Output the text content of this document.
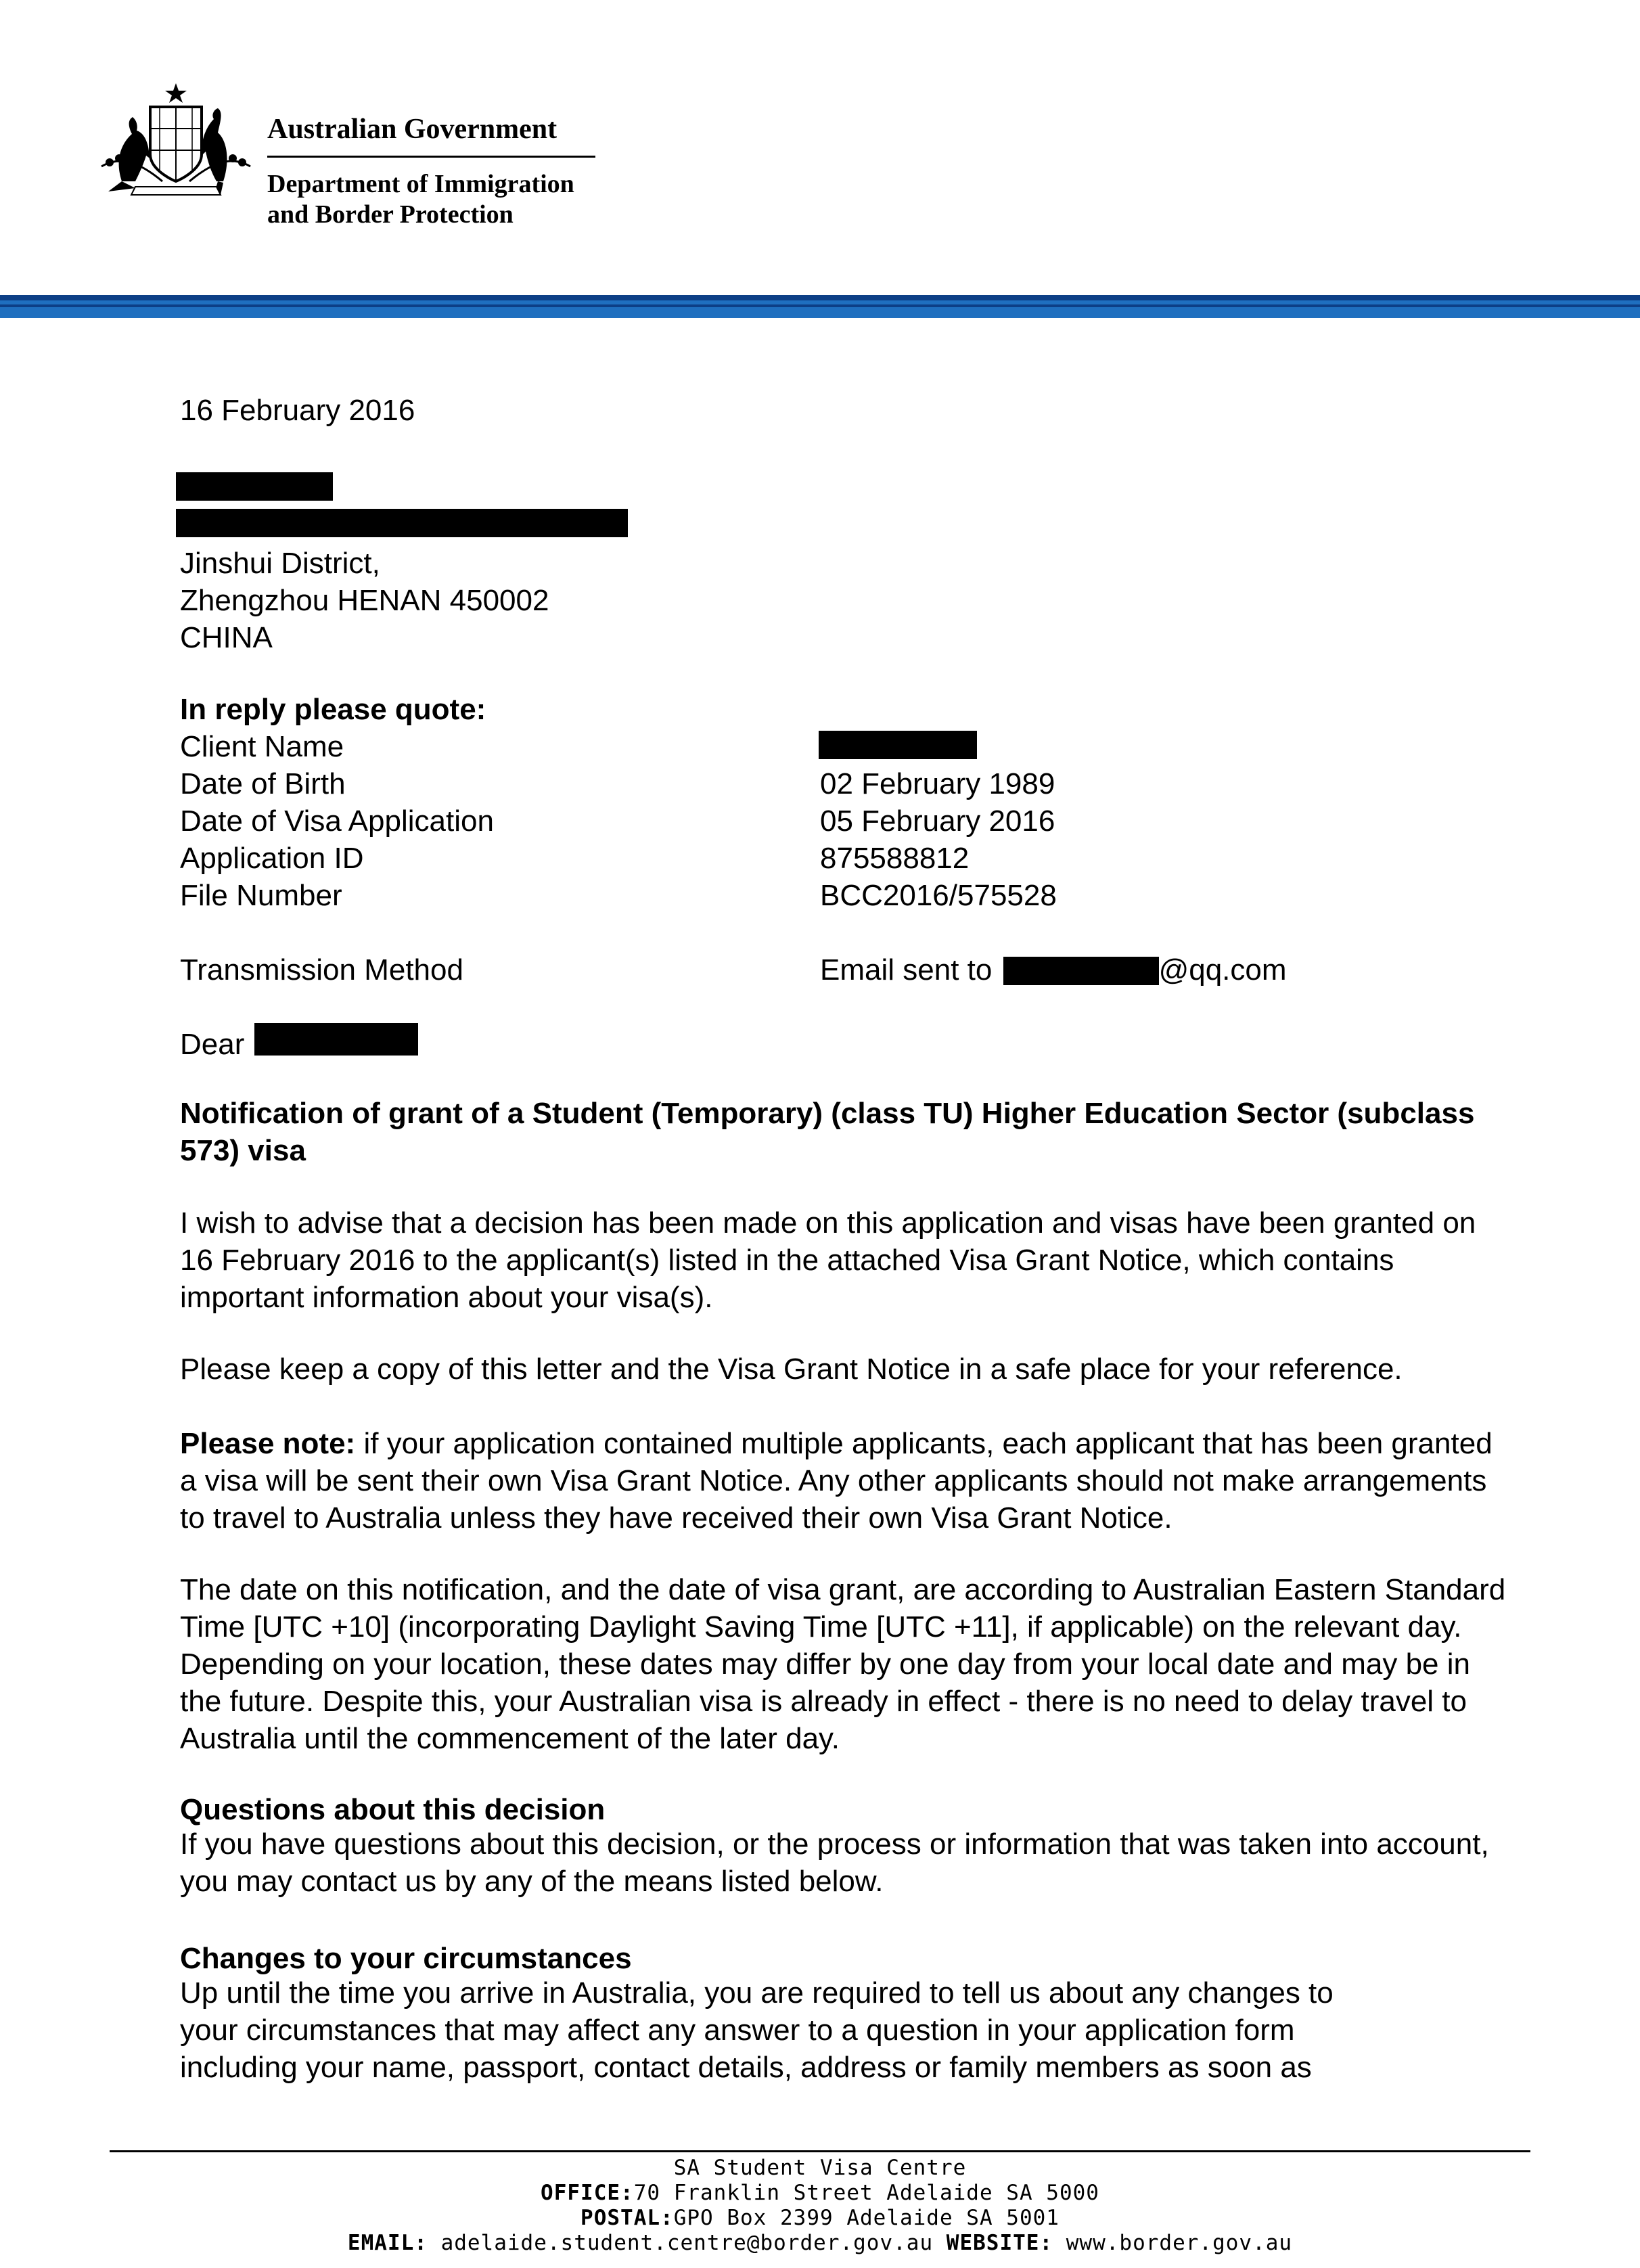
Australian Government
Department of Immigration
and Border Protection
16 February 2016
Jinshui District,
Zhengzhou HENAN 450002
CHINA
In reply please quote:
Client Name
Date of Birth	02 February 1989
Date of Visa Application	05 February 2016
Application ID	875588812
File Number	BCC2016/575528
Transmission Method	Email sent to	@qq.com
Dear
Notification of grant of a Student (Temporary) (class TU) Higher Education Sector (subclass 573) visa
I wish to advise that a decision has been made on this application and visas have been granted on 16 February 2016 to the applicant(s) listed in the attached Visa Grant Notice, which contains important information about your visa(s).
Please keep a copy of this letter and the Visa Grant Notice in a safe place for your reference.
Please note: if your application contained multiple applicants, each applicant that has been granted a visa will be sent their own Visa Grant Notice. Any other applicants should not make arrangements to travel to Australia unless they have received their own Visa Grant Notice.
The date on this notification, and the date of visa grant, are according to Australian Eastern Standard Time [UTC +10] (incorporating Daylight Saving Time [UTC +11], if applicable) on the relevant day. Depending on your location, these dates may differ by one day from your local date and may be in the future. Despite this, your Australian visa is already in effect - there is no need to delay travel to Australia until the commencement of the later day.
Questions about this decision
If you have questions about this decision, or the process or information that was taken into account, you may contact us by any of the means listed below.
Changes to your circumstances
Up until the time you arrive in Australia, you are required to tell us about any changes to your circumstances that may affect any answer to a question in your application form including your name, passport, contact details, address or family members as soon as
SA Student Visa Centre
OFFICE:70 Franklin Street Adelaide SA 5000
POSTAL:GPO Box 2399 Adelaide SA 5001
EMAIL: adelaide.student.centre@border.gov.au WEBSITE: www.border.gov.au
